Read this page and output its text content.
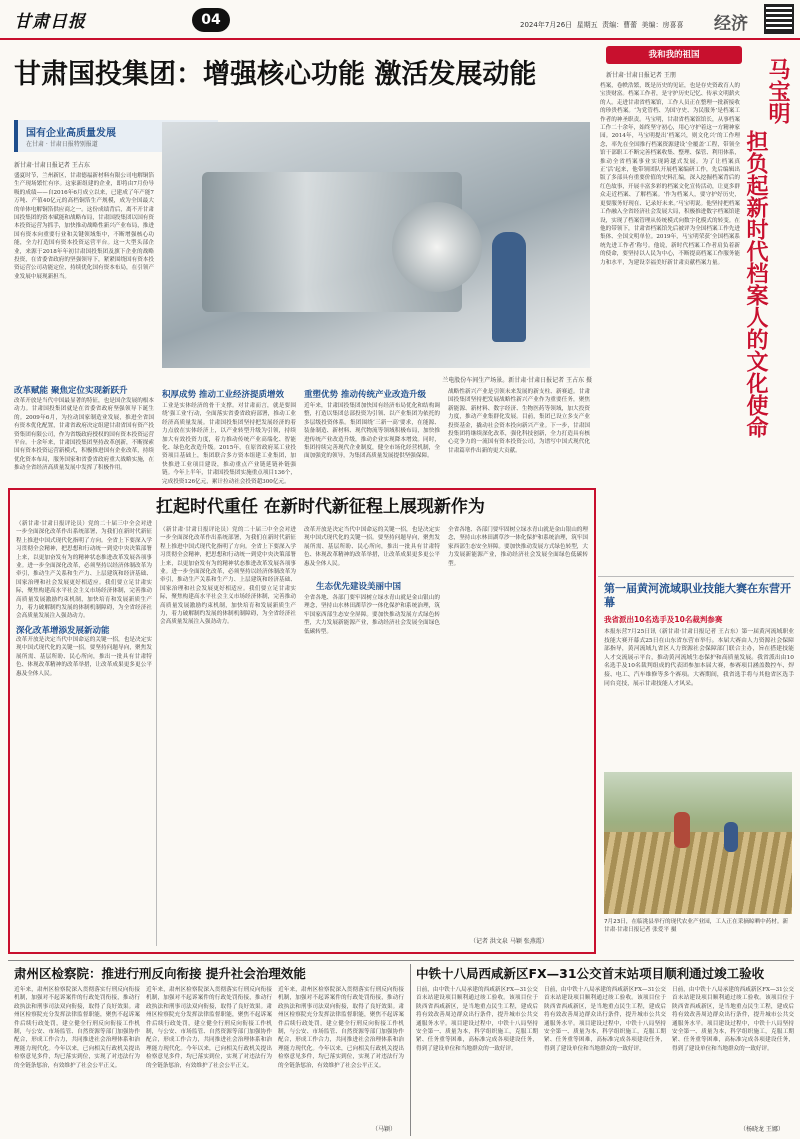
甘肃日报	04	2024年7月26日 星期五 责编：曹蕾 美编：房喜喜 经济
甘肃国投集团：增强核心功能 激活发展动能
我和我的祖国
马宝明
担负起新时代档案人的文化使命
国有企业高质量发展
在甘肃 · 甘肃日报特别报道
新甘肃·甘肃日报记者 王占东
盛夏时节，兰州新区，甘肃德福新材料有限公司电解铜箔生产现场繁忙有序。这家新组建的企业，即将由7月份导吸的成绩——自2016年6月成立以来，已建成了年产能7万吨、产值40亿元的高档铜箔生产规模，成为全国最大的单体电解铜箔供应商之一。这份成绩背后，离不开甘肃国投集团的资本赋能和战略布局，甘肃国投集团以国有资本投资运营为抓手，加快推动战略性新兴产业布局，推进国有资本向重要行业和关键领域集中，不断增强核心功能，全力打造国有资本投资运营平台。这一大型头部企业，来源于2018年年初甘肃国投集团及旗下企业的战略投资，在省委省政府的坚强领导下，紧紧围绕国有资本投资运营公司功能定位，持续优化国有资本布局，在引领产业发展中展现新担当。
改革赋能 聚焦定位实现新跃升
改革开放是当代中国最显著的特征，也是国企发展的根本动力。甘肃国投集团就是在省委省政府坚强领导下诞生的。2009年6月，为拉动国家制造业发展，推进全省国有资本优化配置，甘肃省政府决定组建甘肃省国有资产投资集团有限公司，作为省级政府授权的国有资本投资运营平台。十余年来，甘肃国投集团坚持改革创新，不断探索国有资本投资运营新模式，积极推进国有企业改革，持续优化资本布局，服务国家和省委省政府重大战略实施，在推动全省经济高质量发展中发挥了积极作用。
兰电股份车间生产场景。新甘肃·甘肃日报记者 王占东 摄
积厚成势 推动工业经济提质增效
工业是实体经济的骨干支撑。对甘肃而言，就是要围绕‘强工业’行动，全面落实省委省政府部署，推动工业经济高质量发展。甘肃国投集团坚持把发展经济的着力点放在实体经济上，以产业转型升级为引领，持续加大有效投资力度，着力推动传统产业高端化、智能化、绿色化改造升级。2015年，在原省政府某工业投资项目基础上，集团联合多方资本组建工业集团，加快推进工业项目建设，推动重点产业链延链补链强链。今年上半年，甘肃国投集团实施重点项目136个，完成投资126亿元，累计拉动社会投资超300亿元。
重塑优势 推动传统产业改造升级
近年来，甘肃国投集团加快国有经济布局优化和结构调整，打造以集团总部投资为引领、以产业集团为依托的多层级投资体系。集团围绕‘三新一高’要求，在能源、装备制造、新材料、现代物流等领域积极布局，加快推进传统产业改造升级，推动企业实现降本增效。同时，集团持续完善现代企业制度，健全市场化经营机制，全面加强党的领导，为集团高质量发展提供坚强保障。
战略性新兴产业是引领未来发展的新支柱、新赛道。甘肃国投集团坚持把发展战略性新兴产业作为重要任务，聚焦新能源、新材料、数字经济、生物医药等领域，加大投资力度，推动产业集群化发展。目前，集团已设立多支产业投资基金，撬动社会资本投向新兴产业。下一步，甘肃国投集团将继续深化改革，强化科技创新，全力打造具有核心竞争力的一流国有资本投资公司，为谱写中国式现代化甘肃篇章作出新的更大贡献。
新甘肃·甘肃日报记者 王朋
档案，卷帙浩繁，既是历史的见证，也是存史资政育人的宝贵财富。档案工作者，是守护历史记忆、传承文明薪火的人。走进甘肃省档案馆，工作人员正在整理一批新接收的珍贵档案。‘为党管档、为国守史、为民服务’是档案工作者的神圣职责。马宝明，甘肃省档案馆馆长，从事档案工作二十余年，始终坚守初心，用心守护着这一方精神家园。2014年，马宝明提出‘档案兴，则文化兴’的工作理念，率先在全国推行档案资源建设‘全覆盖’工程，带领全馆干部职工不断完善档案收集、整理、保管、利用体系，推动全省档案事业实现跨越式发展。为了让档案真正‘活’起来，他带领团队开展档案编研工作，先后编辑出版了多部具有重要价值的史料汇编，深入挖掘档案背后的红色故事，开展丰富多彩的档案文化宣传活动，让更多群众走近档案、了解档案。‘作为档案人，要守护好历史，更要服务好现在、记录好未来。’马宝明说。他坚持把档案工作融入全省经济社会发展大局，积极推进数字档案馆建设，实现了档案管理从传统模式向数字化模式的转变。在他的带领下，甘肃省档案馆先后被评为全国档案工作先进集体、全国文明单位。2019年，马宝明荣获‘全国档案系统先进工作者’称号。他说，新时代档案工作者肩负着新的使命，要坚持以人民为中心，不断提高档案工作服务能力和水平，为建设幸福美好新甘肃贡献档案力量。
第一届黄河流域职业技能大赛在东营开幕
我省派出10名选手及10名裁判参赛
本报东营7月25日讯（新甘肃·甘肃日报记者 王占东）第一届黄河流域职业技能大赛开幕式25日在山东省东营市举行。本届大赛由人力资源社会保障部指导，黄河流域九省区人力资源社会保障部门联合主办，旨在搭建技能人才交流展示平台，推动黄河流域生态保护和高质量发展。我省派出由10名选手及10名裁判组成的代表团参加本届大赛，参赛项目涵盖数控车、焊接、电工、汽车维修等多个赛项。大赛期间，我省选手将与其他省区选手同台竞技，展示甘肃技能人才风采。
扛起时代重任 在新时代新征程上展现新作为
（新甘肃·甘肃日报评论员）党的二十届三中全会对进一步全面深化改革作出系统部署，为我们在新时代新征程上推进中国式现代化指明了方向。全省上下要深入学习贯彻全会精神，把思想和行动统一到党中央决策部署上来，以更加奋发有为的精神状态推进改革发展各项事业。进一步全面深化改革，必须坚持以经济体制改革为牵引，推动生产关系和生产力、上层建筑和经济基础、国家治理和社会发展更好相适应。我们要立足甘肃实际，聚焦构建高水平社会主义市场经济体制，完善推动高质量发展激励约束机制，加快培育和发展新质生产力，着力破解制约发展的体制机制障碍，为全省经济社会高质量发展注入强劲动力。
深化改革增添发展新动能
改革开放是决定当代中国命运的关键一招，也是决定实现中国式现代化的关键一招。要坚持问题导向，聚焦发展所需、基层所盼、民心所向，推出一批具有甘肃特色、体现改革精神的改革举措，让改革成果更多更公平惠及全体人民。
（新甘肃·甘肃日报评论员）党的二十届三中全会对进一步全面深化改革作出系统部署，为我们在新时代新征程上推进中国式现代化指明了方向。全省上下要深入学习贯彻全会精神，把思想和行动统一到党中央决策部署上来，以更加奋发有为的精神状态推进改革发展各项事业。进一步全面深化改革，必须坚持以经济体制改革为牵引，推动生产关系和生产力、上层建筑和经济基础、国家治理和社会发展更好相适应。我们要立足甘肃实际，聚焦构建高水平社会主义市场经济体制，完善推动高质量发展激励约束机制，加快培育和发展新质生产力，着力破解制约发展的体制机制障碍，为全省经济社会高质量发展注入强劲动力。
改革开放是决定当代中国命运的关键一招，也是决定实现中国式现代化的关键一招。要坚持问题导向，聚焦发展所需、基层所盼、民心所向，推出一批具有甘肃特色、体现改革精神的改革举措，让改革成果更多更公平惠及全体人民。
生态优先建设美丽中国
全省各地、各部门要牢固树立绿水青山就是金山银山的理念，坚持山水林田湖草沙一体化保护和系统治理，筑牢国家西部生态安全屏障。要加快推动发展方式绿色转型，大力发展新能源产业，推动经济社会发展全面绿色低碳转型。
全省各地、各部门要牢固树立绿水青山就是金山银山的理念，坚持山水林田湖草沙一体化保护和系统治理，筑牢国家西部生态安全屏障。要加快推动发展方式绿色转型，大力发展新能源产业，推动经济社会发展全面绿色低碳转型。
（记者 洪文泉 马颖 张燕霞）
7月23日，在临洮县举行的现代农业产业园，工人正在采摘晾晒中药材。新甘肃·甘肃日报记者 张爱平 摄
肃州区检察院：推进行刑反向衔接 提升社会治理效能
近年来，肃州区检察院深入贯彻落实行刑反向衔接机制，加强对不起诉案件的行政处罚衔接，推动行政执法和刑事司法双向衔接，取得了良好效果。肃州区检察院充分发挥法律监督职能，聚焦不起诉案件后续行政处罚，建立健全行刑反向衔接工作机制，与公安、市场监管、自然资源等部门加强协作配合，形成工作合力，共同推进社会治理体系和治理能力现代化。今年以来，已向相关行政机关提出检察意见多件，均已落实到位，实现了对违法行为的全链条惩治，有效维护了社会公平正义。
近年来，肃州区检察院深入贯彻落实行刑反向衔接机制，加强对不起诉案件的行政处罚衔接，推动行政执法和刑事司法双向衔接，取得了良好效果。肃州区检察院充分发挥法律监督职能，聚焦不起诉案件后续行政处罚，建立健全行刑反向衔接工作机制，与公安、市场监管、自然资源等部门加强协作配合，形成工作合力，共同推进社会治理体系和治理能力现代化。今年以来，已向相关行政机关提出检察意见多件，均已落实到位，实现了对违法行为的全链条惩治，有效维护了社会公平正义。
近年来，肃州区检察院深入贯彻落实行刑反向衔接机制，加强对不起诉案件的行政处罚衔接，推动行政执法和刑事司法双向衔接，取得了良好效果。肃州区检察院充分发挥法律监督职能，聚焦不起诉案件后续行政处罚，建立健全行刑反向衔接工作机制，与公安、市场监管、自然资源等部门加强协作配合，形成工作合力，共同推进社会治理体系和治理能力现代化。今年以来，已向相关行政机关提出检察意见多件，均已落实到位，实现了对违法行为的全链条惩治，有效维护了社会公平正义。
（马颖）
中铁十八局西咸新区FX—31公交首末站项目顺利通过竣工验收
日前，由中铁十八局承建的西咸新区FX—31公交首末站建设项目顺利通过竣工验收。该项目位于陕西省西咸新区，是当地重点民生工程，建成后将有效改善周边群众出行条件，提升城市公共交通服务水平。项目建设过程中，中铁十八局坚持安全第一、质量为本，科学组织施工，克服工期紧、任务重等困难，高标准完成各项建设任务，得到了建设单位和当地群众的一致好评。
日前，由中铁十八局承建的西咸新区FX—31公交首末站建设项目顺利通过竣工验收。该项目位于陕西省西咸新区，是当地重点民生工程，建成后将有效改善周边群众出行条件，提升城市公共交通服务水平。项目建设过程中，中铁十八局坚持安全第一、质量为本，科学组织施工，克服工期紧、任务重等困难，高标准完成各项建设任务，得到了建设单位和当地群众的一致好评。
日前，由中铁十八局承建的西咸新区FX—31公交首末站建设项目顺利通过竣工验收。该项目位于陕西省西咸新区，是当地重点民生工程，建成后将有效改善周边群众出行条件，提升城市公共交通服务水平。项目建设过程中，中铁十八局坚持安全第一、质量为本，科学组织施工，克服工期紧、任务重等困难，高标准完成各项建设任务，得到了建设单位和当地群众的一致好评。
（杨晓龙 王娜）
